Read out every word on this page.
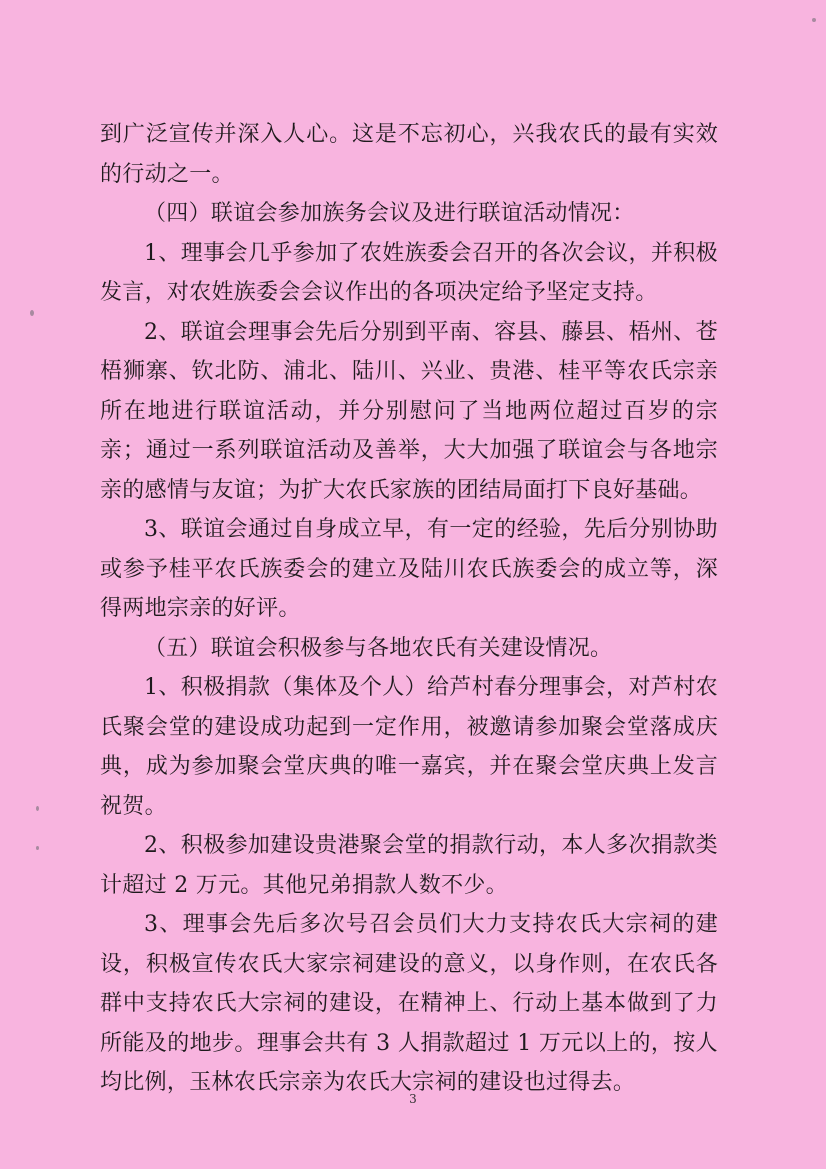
到广泛宣传并深入人心。这是不忘初心，兴我农氏的最有实效的行动之一。

（四）联谊会参加族务会议及进行联谊活动情况：

1、理事会几乎参加了农姓族委会召开的各次会议，并积极发言，对农姓族委会会议作出的各项决定给予坚定支持。

2、联谊会理事会先后分别到平南、容县、藤县、梧州、苍梧狮寨、钦北防、浦北、陆川、兴业、贵港、桂平等农氏宗亲所在地进行联谊活动，并分别慰问了当地两位超过百岁的宗亲；通过一系列联谊活动及善举，大大加强了联谊会与各地宗亲的感情与友谊；为扩大农氏家族的团结局面打下良好基础。

3、联谊会通过自身成立早，有一定的经验，先后分别协助或参予桂平农氏族委会的建立及陆川农氏族委会的成立等，深得两地宗亲的好评。

（五）联谊会积极参与各地农氏有关建设情况。

1、积极捐款（集体及个人）给芦村春分理事会，对芦村农氏聚会堂的建设成功起到一定作用，被邀请参加聚会堂落成庆典，成为参加聚会堂庆典的唯一嘉宾，并在聚会堂庆典上发言祝贺。

2、积极参加建设贵港聚会堂的捐款行动，本人多次捐款类计超过 2 万元。其他兄弟捐款人数不少。

3、理事会先后多次号召会员们大力支持农氏大宗祠的建设，积极宣传农氏大家宗祠建设的意义，以身作则，在农氏各群中支持农氏大宗祠的建设，在精神上、行动上基本做到了力所能及的地步。理事会共有 3 人捐款超过 1 万元以上的，按人均比例，玉林农氏宗亲为农氏大宗祠的建设也过得去。

3
